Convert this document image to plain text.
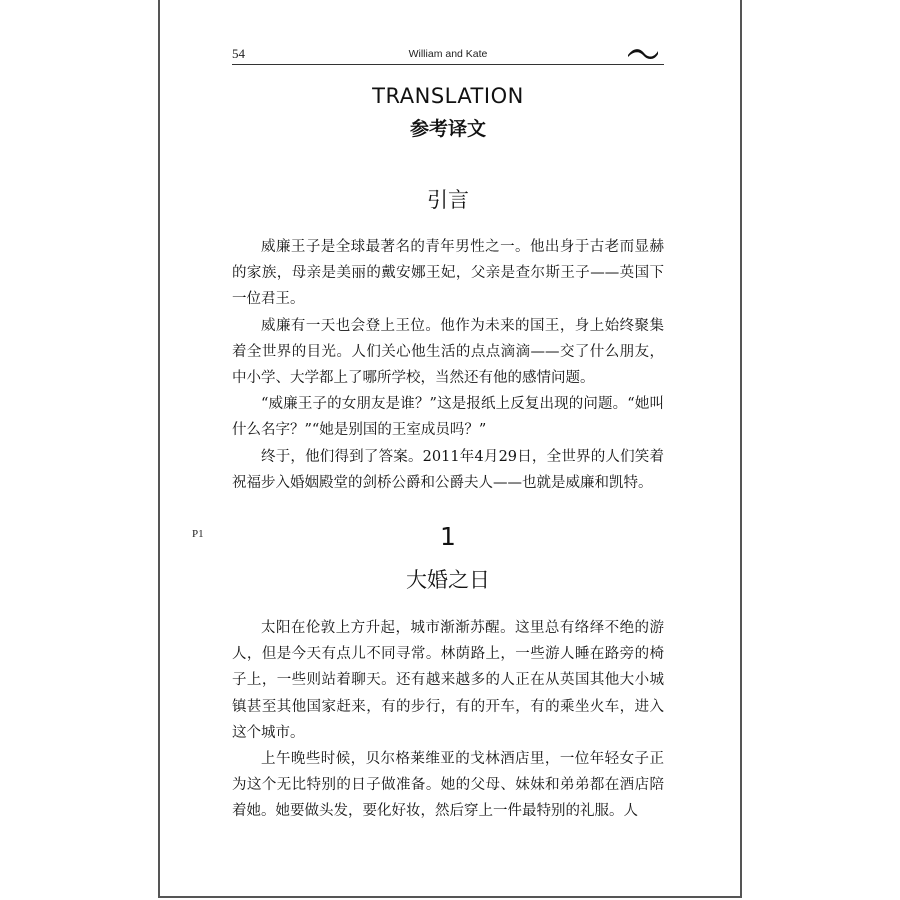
54	William and Kate
TRANSLATION
参考译文
引言

威廉王子是全球最著名的青年男性之一。他出身于古老而显赫的家族，母亲是美丽的戴安娜王妃，父亲是查尔斯王子——英国下一位君王。

威廉有一天也会登上王位。他作为未来的国王，身上始终聚集着全世界的目光。人们关心他生活的点点滴滴——交了什么朋友，中小学、大学都上了哪所学校，当然还有他的感情问题。

“威廉王子的女朋友是谁？”这是报纸上反复出现的问题。“她叫什么名字？”“她是别国的王室成员吗？”

终于，他们得到了答案。2011年4月29日，全世界的人们笑着祝福步入婚姻殿堂的剑桥公爵和公爵夫人——也就是威廉和凯特。

P1	1
大婚之日

太阳在伦敦上方升起，城市渐渐苏醒。这里总有络绎不绝的游人，但是今天有点儿不同寻常。林荫路上，一些游人睡在路旁的椅子上，一些则站着聊天。还有越来越多的人正在从英国其他大小城镇甚至其他国家赶来，有的步行，有的开车，有的乘坐火车，进入这个城市。

上午晚些时候，贝尔格莱维亚的戈林酒店里，一位年轻女子正为这个无比特别的日子做准备。她的父母、妹妹和弟弟都在酒店陪着她。她要做头发，要化好妆，然后穿上一件最特别的礼服。人
